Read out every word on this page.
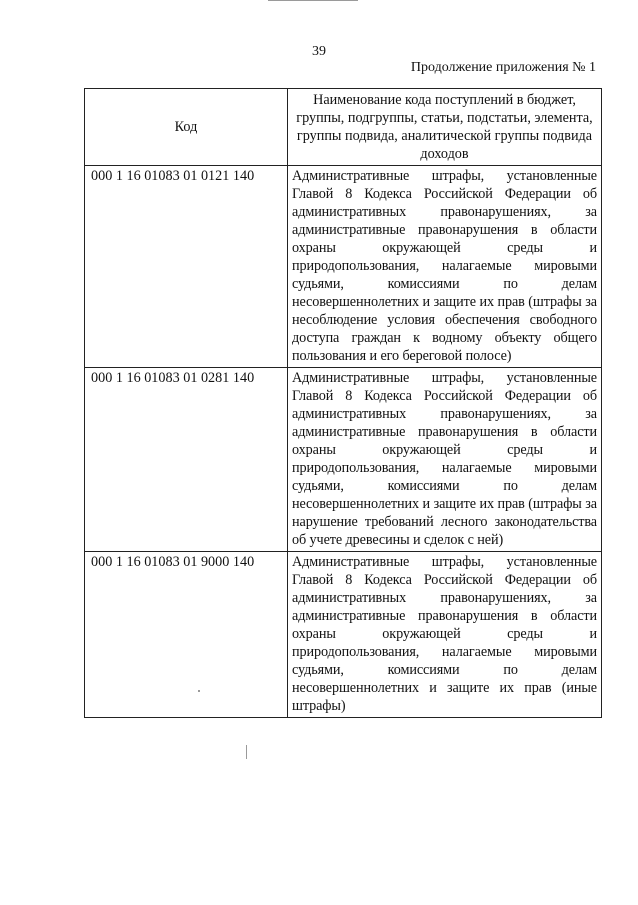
39
Продолжение приложения № 1
Код	Наименование кода поступлений в бюджет, группы, подгруппы, статьи, подстатьи, элемента, группы подвида, аналитической группы подвида доходов
000 1 16 01083 01 0121 140	Административные штрафы, установленные Главой 8 Кодекса Российской Федерации об административных правонарушениях, за административные правонарушения в области охраны окружающей среды и природопользования, налагаемые мировыми судьями, комиссиями по делам несовершеннолетних и защите их прав (штрафы за несоблюдение условия обеспечения свободного доступа граждан к водному объекту общего пользования и его береговой полосе)
000 1 16 01083 01 0281 140	Административные штрафы, установленные Главой 8 Кодекса Российской Федерации об административных правонарушениях, за административные правонарушения в области охраны окружающей среды и природопользования, налагаемые мировыми судьями, комиссиями по делам несовершеннолетних и защите их прав (штрафы за нарушение требований лесного законодательства об учете древесины и сделок с ней)
000 1 16 01083 01 9000 140	Административные штрафы, установленные Главой 8 Кодекса Российской Федерации об административных правонарушениях, за административные правонарушения в области охраны окружающей среды и природопользования, налагаемые мировыми судьями, комиссиями по делам несовершеннолетних и защите их прав (иные штрафы)
